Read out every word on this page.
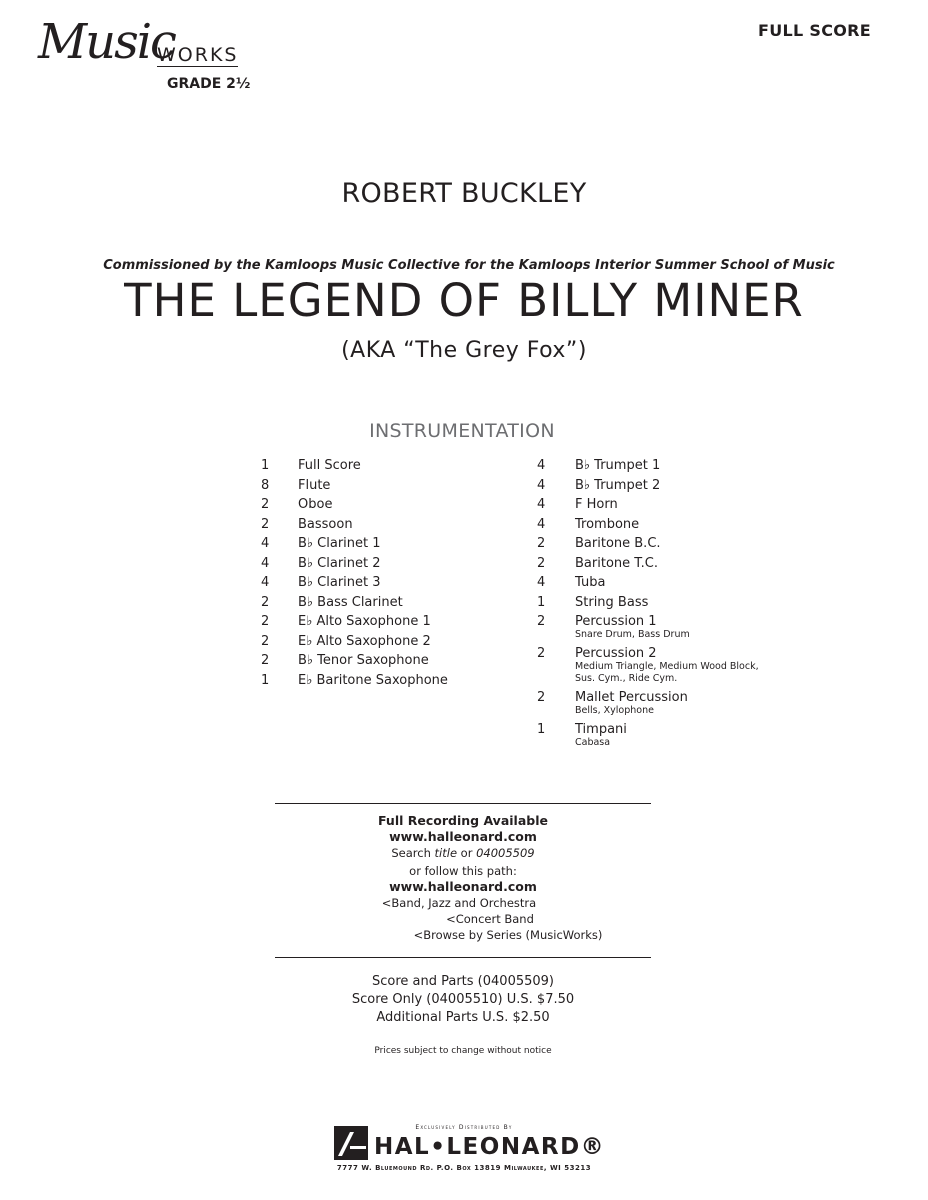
Music
WORKS
GRADE 2½
FULL SCORE
ROBERT BUCKLEY
Commissioned by the Kamloops Music Collective for the Kamloops Interior Summer School of Music
THE LEGEND OF BILLY MINER
(AKA “The Grey Fox”)
INSTRUMENTATION
1 Full Score
8 Flute
2 Oboe
2 Bassoon
4 B♭ Clarinet 1
4 B♭ Clarinet 2
4 B♭ Clarinet 3
2 B♭ Bass Clarinet
2 E♭ Alto Saxophone 1
2 E♭ Alto Saxophone 2
2 B♭ Tenor Saxophone
1 E♭ Baritone Saxophone
4 B♭ Trumpet 1
4 B♭ Trumpet 2
4 F Horn
4 Trombone
2 Baritone B.C.
2 Baritone T.C.
4 Tuba
1 String Bass
2 Percussion 1
Snare Drum, Bass Drum
2 Percussion 2
Medium Triangle, Medium Wood Block,
Sus. Cym., Ride Cym.
2 Mallet Percussion
Bells, Xylophone
1 Timpani
Cabasa
Full Recording Available
www.halleonard.com
Search title or 04005509
or follow this path:
www.halleonard.com
<Band, Jazz and Orchestra
<Concert Band
<Browse by Series (MusicWorks)
Score and Parts (04005509)
Score Only (04005510) U.S. $7.50
Additional Parts U.S. $2.50
Prices subject to change without notice
Exclusively Distributed By
HAL•LEONARD®
7777 W. Bluemound Rd. P.O. Box 13819 Milwaukee, WI 53213
